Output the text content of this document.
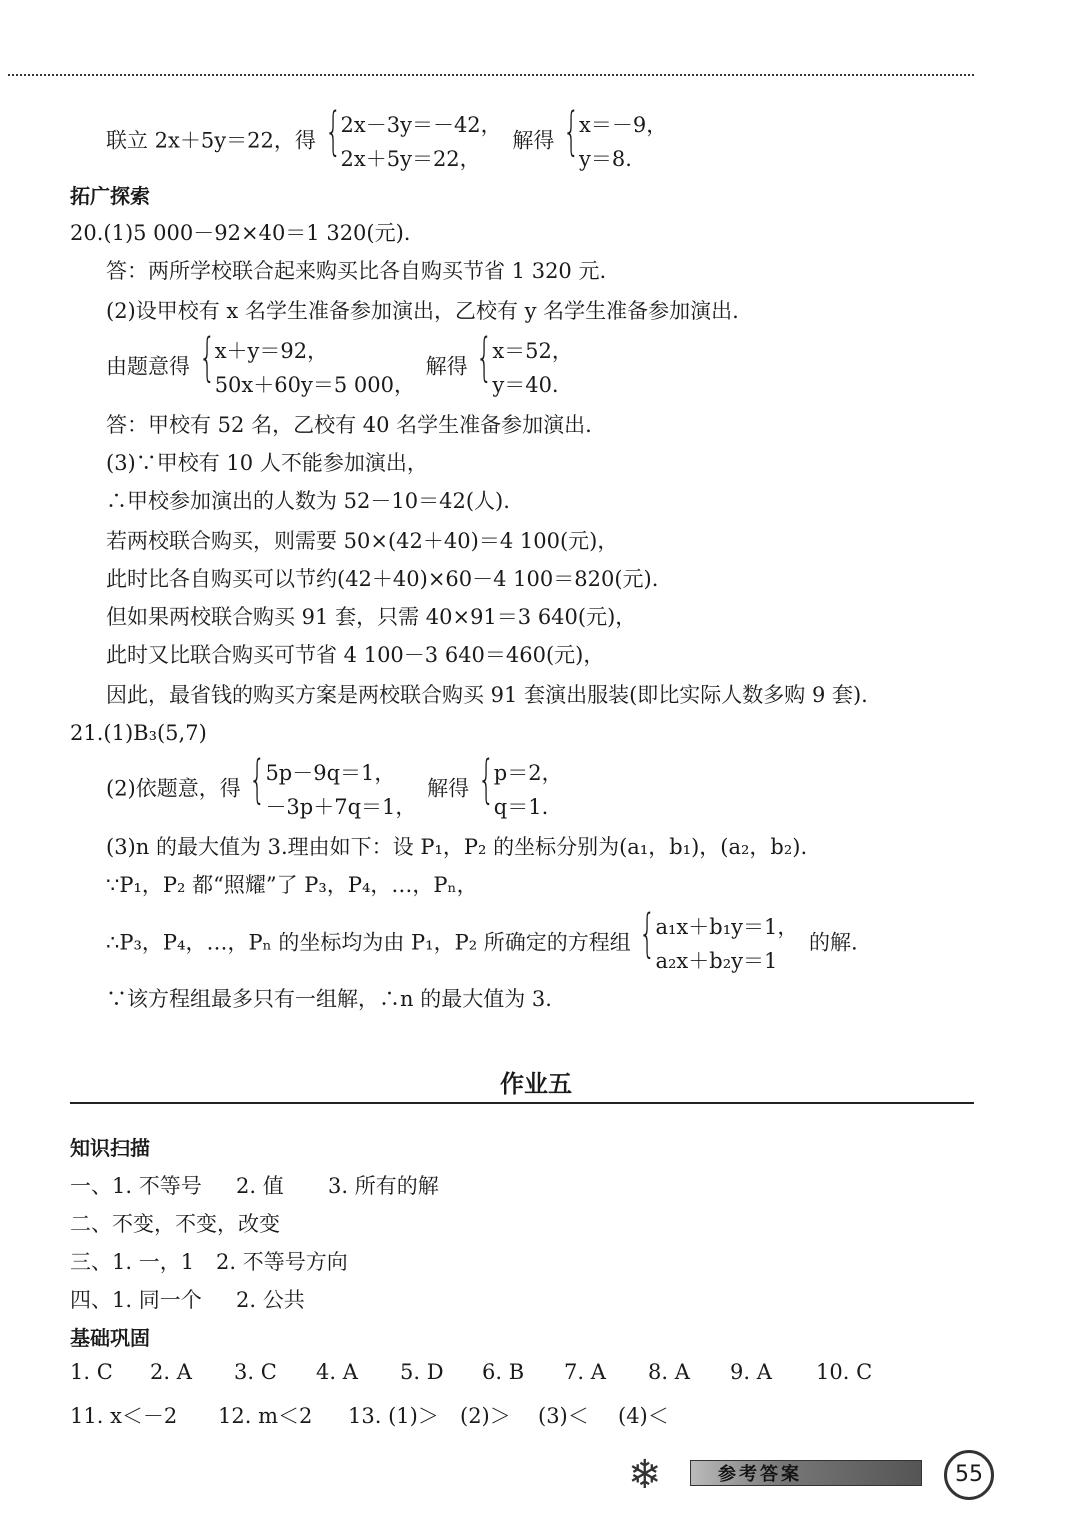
联立 2x＋5y＝22，得
{ 2x－3y＝－42，
2x＋5y＝22，
解得
{ x＝－9，
y＝8.
拓广探索
20.(1)5 000－92×40＝1 320(元).
答：两所学校联合起来购买比各自购买节省 1 320 元.
(2)设甲校有 x 名学生准备参加演出，乙校有 y 名学生准备参加演出.
由题意得
{ x＋y＝92，
50x＋60y＝5 000，
解得
{ x＝52，
y＝40.
答：甲校有 52 名，乙校有 40 名学生准备参加演出.
(3)∵甲校有 10 人不能参加演出，
∴甲校参加演出的人数为 52－10＝42(人).
若两校联合购买，则需要 50×(42＋40)＝4 100(元)，
此时比各自购买可以节约(42＋40)×60－4 100＝820(元).
但如果两校联合购买 91 套，只需 40×91＝3 640(元)，
此时又比联合购买可节省 4 100－3 640＝460(元)，
因此，最省钱的购买方案是两校联合购买 91 套演出服装(即比实际人数多购 9 套).
21.(1)B₃(5,7)
(2)依题意，得
{ 5p－9q＝1，
－3p＋7q＝1，
解得
{ p＝2，
q＝1.
(3)n 的最大值为 3.理由如下：设 P₁，P₂ 的坐标分别为(a₁，b₁)，(a₂，b₂).
∵P₁，P₂ 都“照耀”了 P₃，P₄，…，Pₙ，
∴P₃，P₄，…，Pₙ 的坐标均为由 P₁，P₂ 所确定的方程组
{ a₁x＋b₁y＝1，
a₂x＋b₂y＝1
的解.
∵该方程组最多只有一组解，∴n 的最大值为 3.
作业五
知识扫描
一、1. 不等号 2. 值 3. 所有的解
二、不变，不变，改变
三、1. 一，1 2. 不等号方向
四、1. 同一个 2. 公共
基础巩固
1. C 2. A 3. C 4. A 5. D 6. B 7. A 8. A 9. A 10. C
11. x＜－2 12. m＜2 13. (1)＞ (2)＞ (3)＜ (4)＜
❄	参考答案	55
